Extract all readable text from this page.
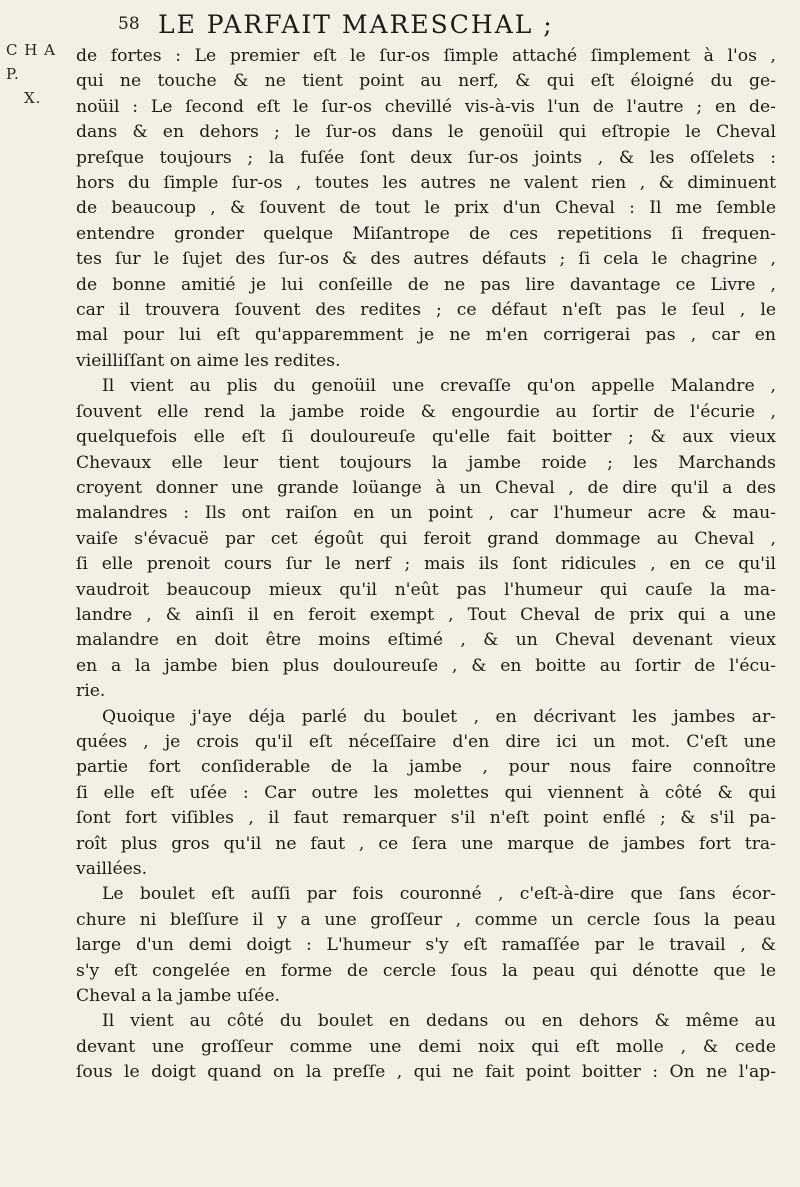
C H A P.
X.
58 LE PARFAIT MARESCHAL ;
de fortes : Le premier eſt le ſur-os ſimple attaché ſimplement à l'os ,
qui ne touche & ne tient point au nerf, & qui eſt éloigné du ge-
noüil : Le ſecond eſt le ſur-os chevillé vis-à-vis l'un de l'autre ; en de-
dans & en dehors ; le ſur-os dans le genoüil qui eſtropie le Cheval
preſque toujours ; la fuſée ſont deux ſur-os joints , & les oſſelets :
hors du ſimple ſur-os , toutes les autres ne valent rien , & diminuent
de beaucoup , & ſouvent de tout le prix d'un Cheval : Il me ſemble
entendre gronder quelque Miſantrope de ces repetitions ſi frequen-
tes ſur le ſujet des ſur-os & des autres défauts ; ſi cela le chagrine ,
de bonne amitié je lui conſeille de ne pas lire davantage ce Livre ,
car il trouvera ſouvent des redites ; ce défaut n'eſt pas le ſeul , le
mal pour lui eſt qu'apparemment je ne m'en corrigerai pas , car en
vieilliſſant on aime les redites.
Il vient au plis du genoüil une crevaſſe qu'on appelle Malandre ,
ſouvent elle rend la jambe roide & engourdie au ſortir de l'écurie ,
quelquefois elle eſt ſi douloureuſe qu'elle fait boitter ; & aux vieux
Chevaux elle leur tient toujours la jambe roide ; les Marchands
croyent donner une grande loüange à un Cheval , de dire qu'il a des
malandres : Ils ont raiſon en un point , car l'humeur acre & mau-
vaiſe s'évacuë par cet égoût qui feroit grand dommage au Cheval ,
ſi elle prenoit cours ſur le nerf ; mais ils ſont ridicules , en ce qu'il
vaudroit beaucoup mieux qu'il n'eût pas l'humeur qui cauſe la ma-
landre , & ainſi il en feroit exempt , Tout Cheval de prix qui a une
malandre en doit être moins eſtimé , & un Cheval devenant vieux
en a la jambe bien plus douloureuſe , & en boitte au ſortir de l'écu-
rie.
Quoique j'aye déja parlé du boulet , en décrivant les jambes ar-
quées , je crois qu'il eſt néceſſaire d'en dire ici un mot. C'eſt une
partie fort conſiderable de la jambe , pour nous faire connoître
ſi elle eſt uſée : Car outre les molettes qui viennent à côté & qui
ſont fort viſibles , il faut remarquer s'il n'eſt point enflé ; & s'il pa-
roît plus gros qu'il ne faut , ce ſera une marque de jambes fort tra-
vaillées.
Le boulet eſt auſſi par fois couronné , c'eſt-à-dire que ſans écor-
chure ni bleſſure il y a une groſſeur , comme un cercle ſous la peau
large d'un demi doigt : L'humeur s'y eſt ramaſſée par le travail , &
s'y eſt congelée en forme de cercle ſous la peau qui dénotte que le
Cheval a la jambe uſée.
Il vient au côté du boulet en dedans ou en dehors & même au
devant une groſſeur comme une demi noix qui eſt molle , & cede
ſous le doigt quand on la preſſe , qui ne fait point boitter : On ne l'ap-
